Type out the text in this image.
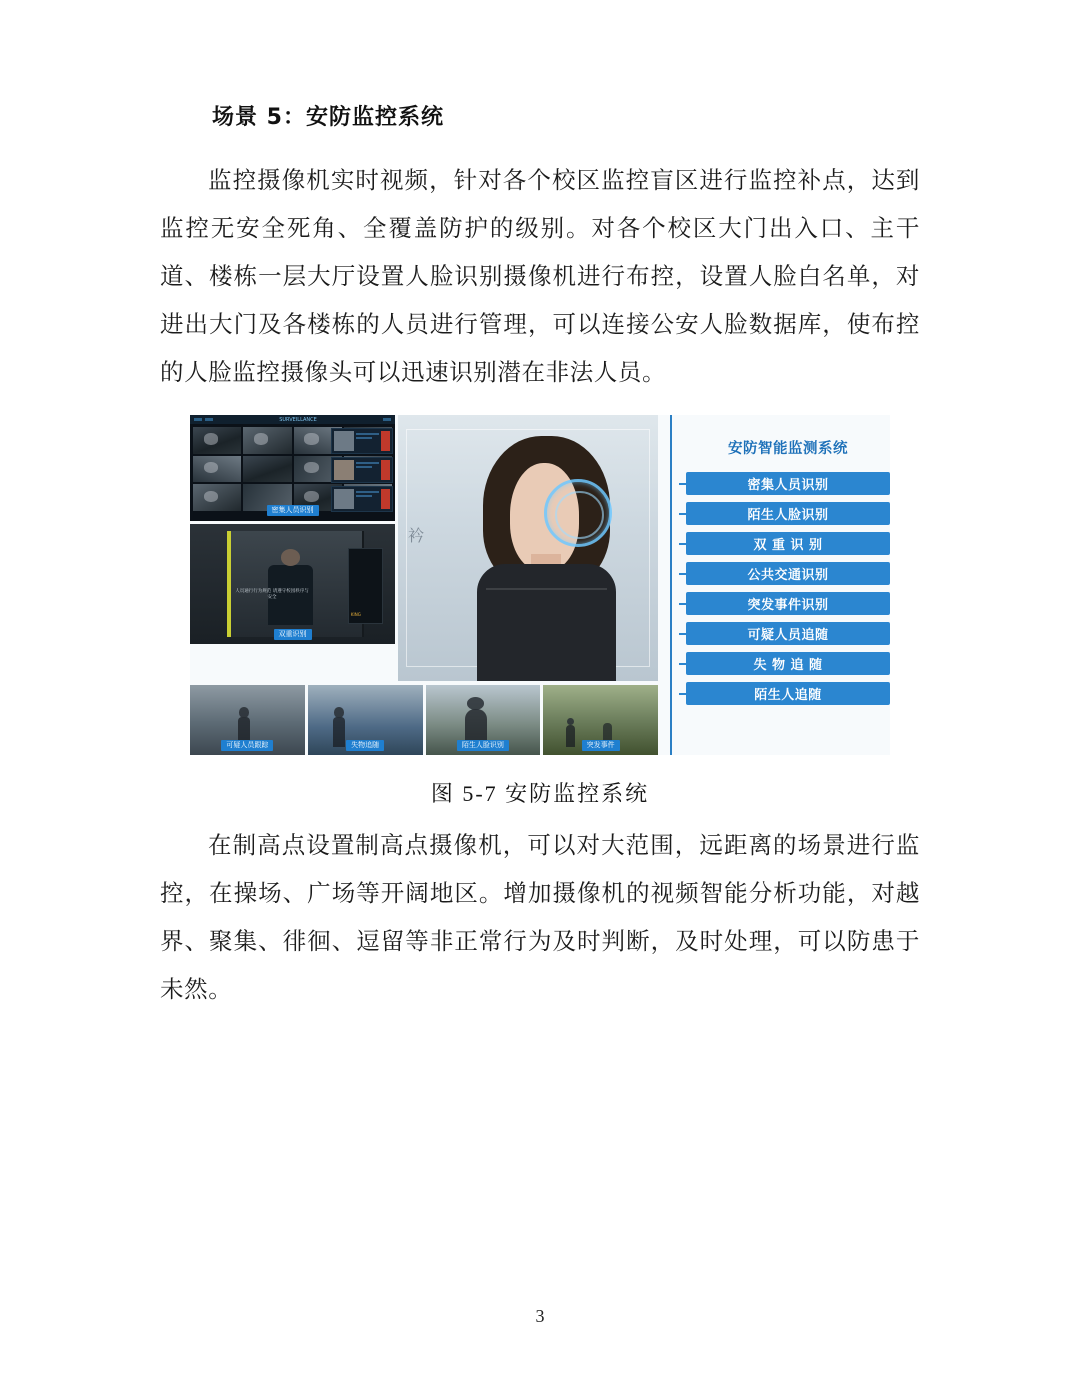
场景 5：安防监控系统

监控摄像机实时视频，针对各个校区监控盲区进行监控补点，达到监控无安全死角、全覆盖防护的级别。对各个校区大门出入口、主干道、楼栋一层大厅设置人脸识别摄像机进行布控，设置人脸白名单，对进出大门及各楼栋的人员进行管理，可以连接公安人脸数据库，使布控的人脸监控摄像头可以迅速识别潜在非法人员。

SURVEILLANCE
密集人员识别
KING
人员通行行为规范 请遵守校园秩序与安全
双重识别
衿
可疑人员跟踪	失物追随	陌生人脸识别	突发事件
安防智能监测系统
密集人员识别
陌生人脸识别
双 重 识 别
公共交通识别
突发事件识别
可疑人员追随
失 物 追 随
陌生人追随
图 5-7 安防监控系统

在制高点设置制高点摄像机，可以对大范围，远距离的场景进行监控，在操场、广场等开阔地区。增加摄像机的视频智能分析功能，对越界、聚集、徘徊、逗留等非正常行为及时判断，及时处理，可以防患于未然。

3
